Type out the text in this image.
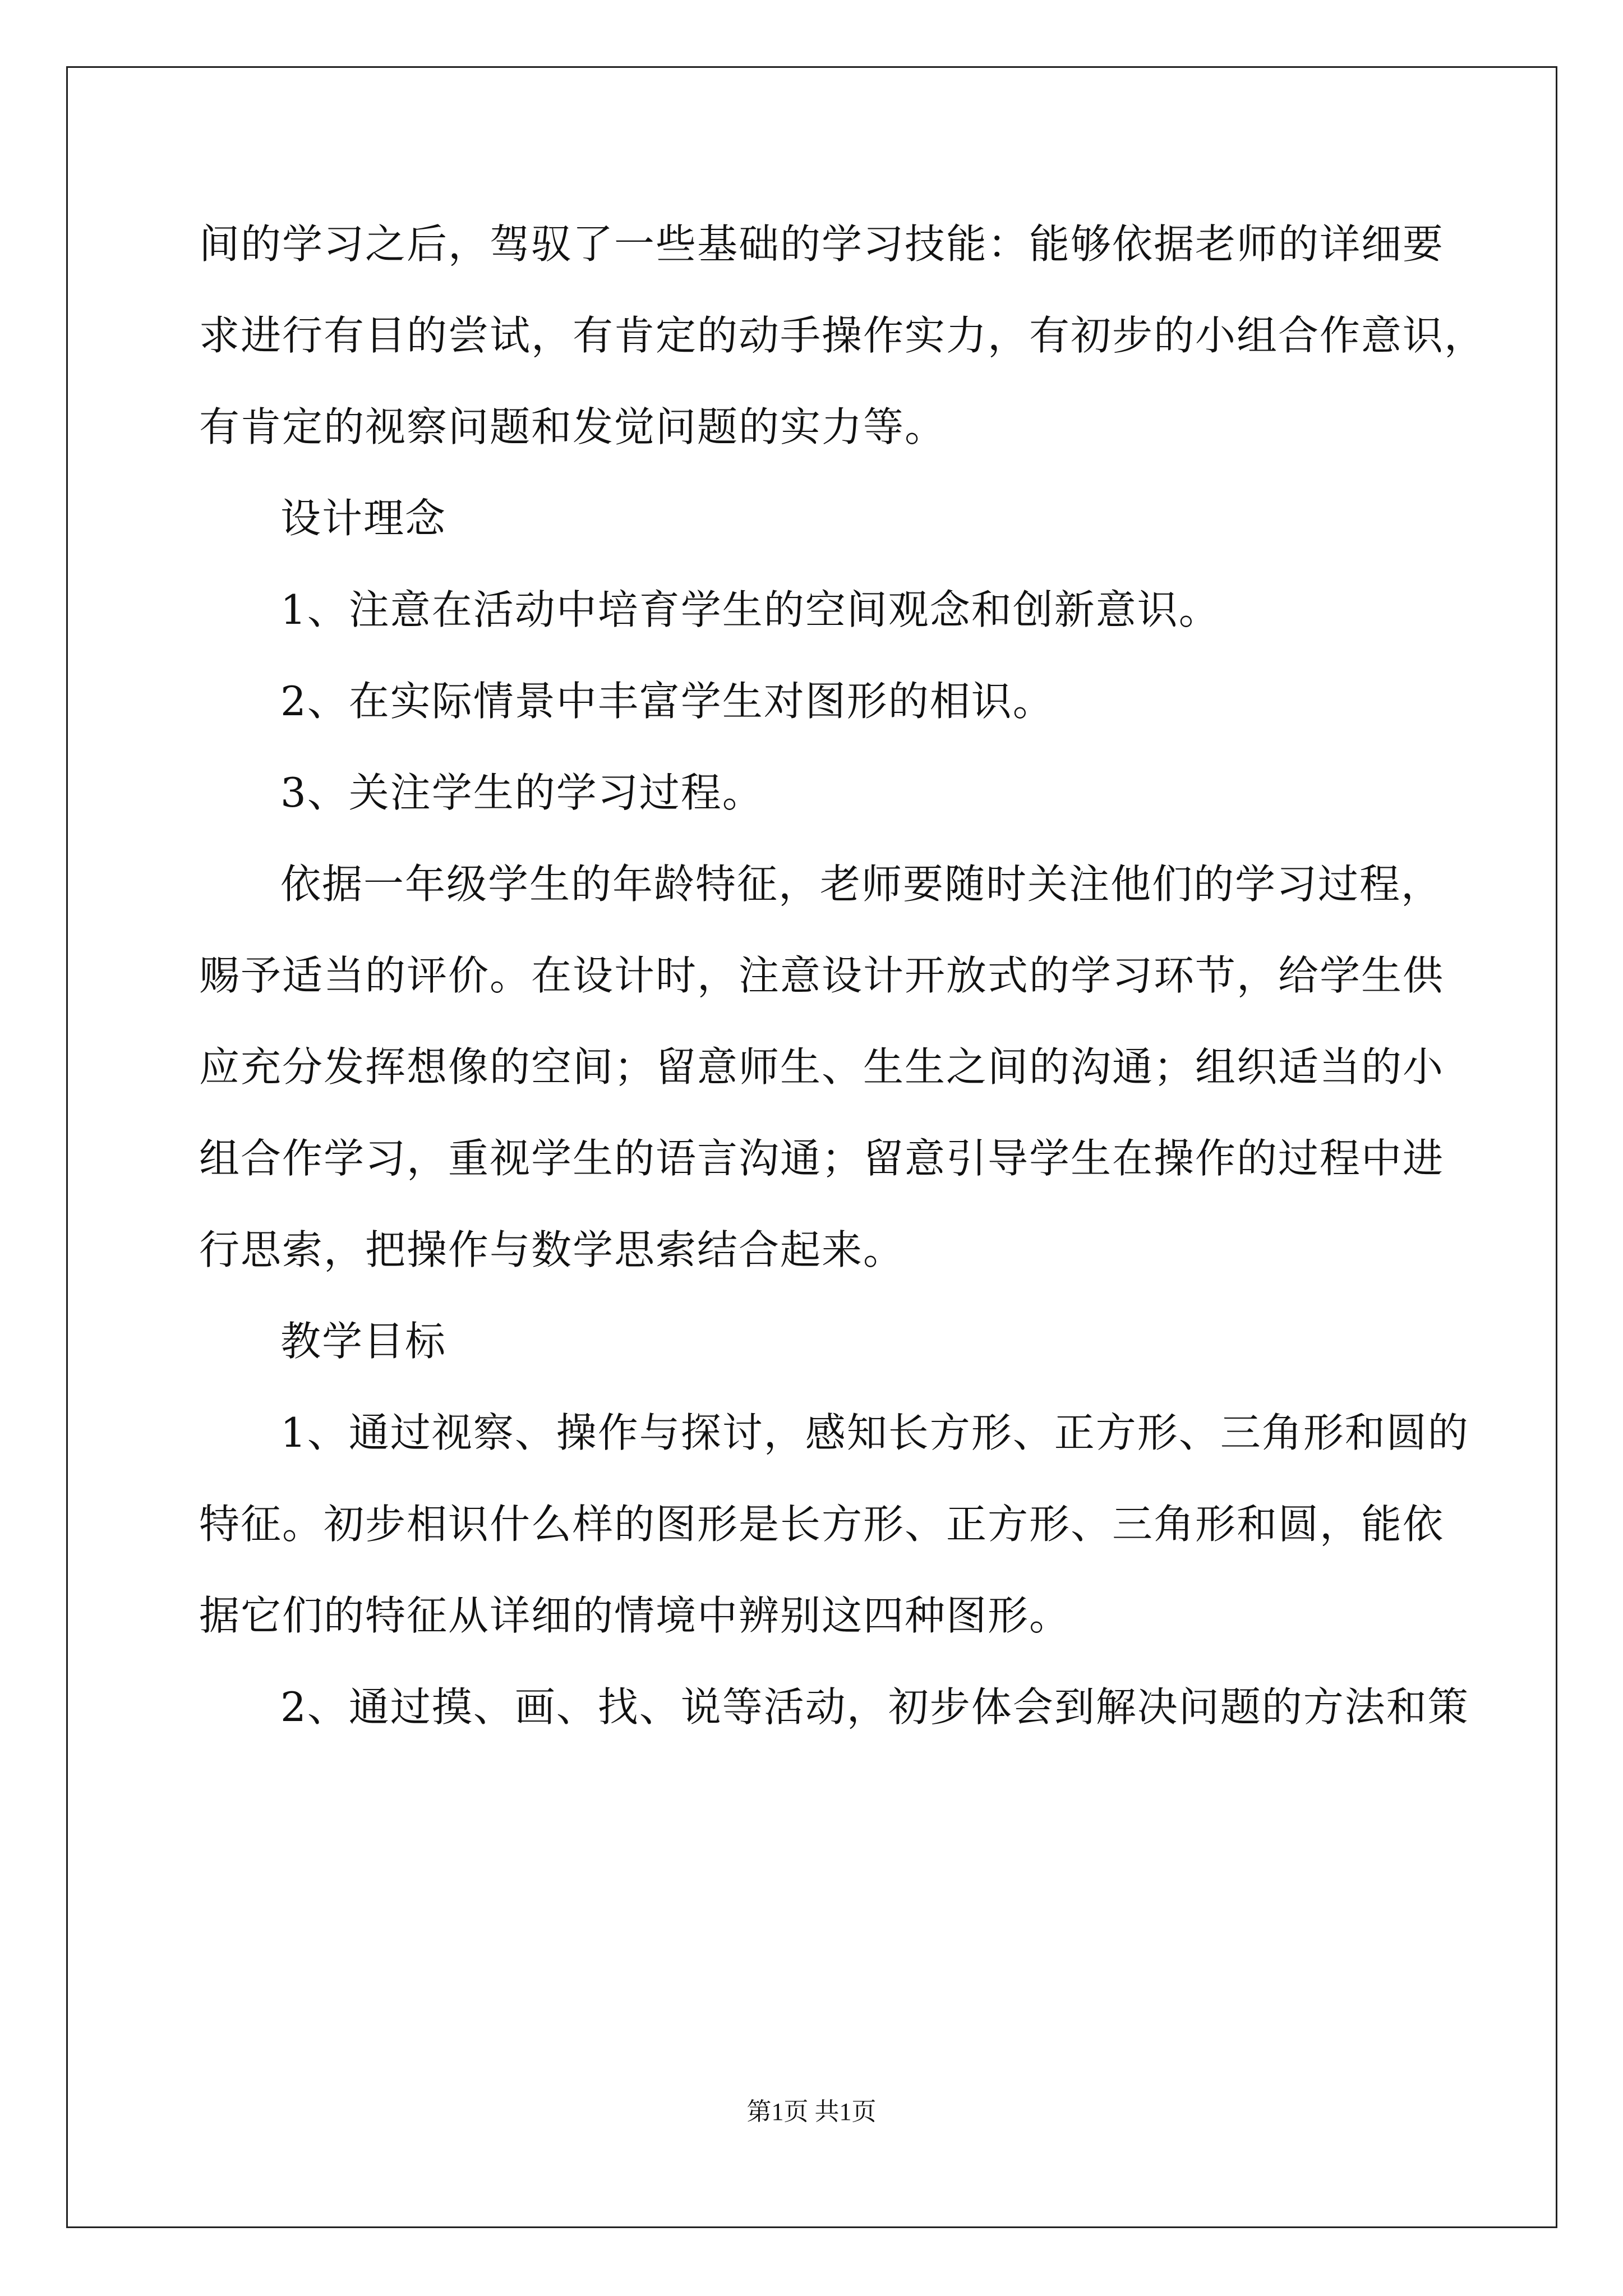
间的学习之后，驾驭了一些基础的学习技能：能够依据老师的详细要
求进行有目的尝试，有肯定的动手操作实力，有初步的小组合作意识，
有肯定的视察问题和发觉问题的实力等。
设计理念
1、注意在活动中培育学生的空间观念和创新意识。
2、在实际情景中丰富学生对图形的相识。
3、关注学生的学习过程。
依据一年级学生的年龄特征，老师要随时关注他们的学习过程，
赐予适当的评价。在设计时，注意设计开放式的学习环节，给学生供
应充分发挥想像的空间；留意师生、生生之间的沟通；组织适当的小
组合作学习，重视学生的语言沟通；留意引导学生在操作的过程中进
行思索，把操作与数学思索结合起来。
教学目标
1、通过视察、操作与探讨，感知长方形、正方形、三角形和圆的
特征。初步相识什么样的图形是长方形、正方形、三角形和圆，能依
据它们的特征从详细的情境中辨别这四种图形。
2、通过摸、画、找、说等活动，初步体会到解决问题的方法和策
第1页 共1页
